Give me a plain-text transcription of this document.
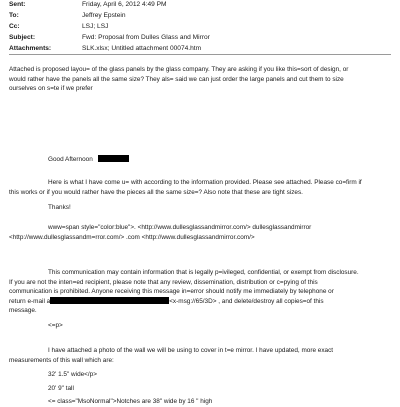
Sent:	Friday, April 6, 2012 4:49 PM
To:	Jeffrey Epstein
Cc:	LSJ; LSJ
Subject:	Fwd: Proposal from Dulles Glass and Mirror
Attachments:	SLK.xlsx; Untitled attachment 00074.htm
Attached is proposed layou= of the glass panels by the glass company. They are asking if you like this=sort of design, or
would rather have the panels all the same size? They als= said we can just order the large panels and cut them to size
ourselves on s=te if we prefer
Good Afternoon
Here is what I have come u= with according to the information provided. Please see attached. Please co=firm if
this works or if you would rather have the pieces all the same size=? Also note that these are tight sizes.
Thanks!
www=span style="color:blue">. <http://www.dullesglassandmirror.com/> dullesglassandmirror
<http://www.dullesglassandm=rror.com/> .com <http://www.dullesglassandmirror.com/>
This communication may contain information that is legally p=ivileged, confidential, or exempt from disclosure.
If you are not the inten=ed recipient, please note that any review, dissemination, distribution or c=pying of this
communication is prohibited. Anyone receiving this message in=error should notify me immediately by telephone or
return e-mail a	<x-msg://65/3D> , and delete/destroy all copies=of this
message.
<=p>
I have attached a photo of the wall we will be using to cover in t=e mirror. I have updated, more exact
measurements of this wall which are:
32' 1.5" wide</p>
20' 9" tall
<= class="MsoNormal">Notches are 38" wide by 16 " high
